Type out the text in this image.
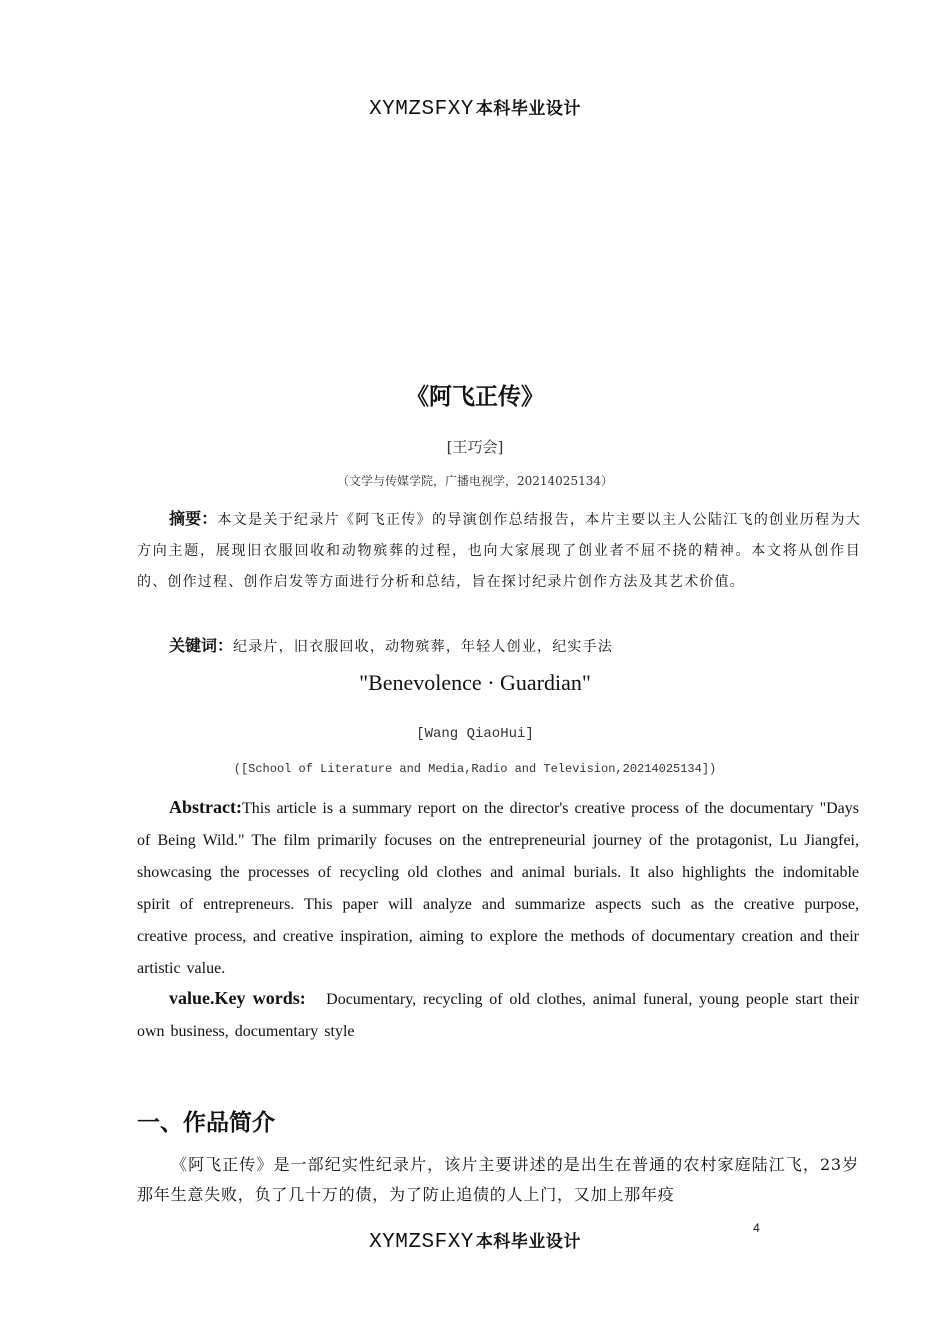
XYMZSFXY 本科毕业设计
《阿飞正传》
[王巧会]
（文学与传媒学院，广播电视学，20214025134）
摘要：本文是关于纪录片《阿飞正传》的导演创作总结报告，本片主要以主人公陆江飞的创业历程为大方向主题，展现旧衣服回收和动物殡葬的过程，也向大家展现了创业者不屈不挠的精神。本文将从创作目的、创作过程、创作启发等方面进行分析和总结，旨在探讨纪录片创作方法及其艺术价值。
关键词：纪录片，旧衣服回收，动物殡葬，年轻人创业，纪实手法
"Benevolence · Guardian"
[Wang QiaoHui]
([School of Literature and Media,Radio and Television,20214025134])
Abstract:This article is a summary report on the director's creative process of the documentary "Days of Being Wild." The film primarily focuses on the entrepreneurial journey of the protagonist, Lu Jiangfei, showcasing the processes of recycling old clothes and animal burials. It also highlights the indomitable spirit of entrepreneurs. This paper will analyze and summarize aspects such as the creative purpose, creative process, and creative inspiration, aiming to explore the methods of documentary creation and their artistic value.
value.Key words: Documentary, recycling of old clothes, animal funeral, young people start their own business, documentary style
一、作品简介
《阿飞正传》是一部纪实性纪录片，该片主要讲述的是出生在普通的农村家庭陆江飞，23岁那年生意失败，负了几十万的债，为了防止追债的人上门，又加上那年疫
4
XYMZSFXY 本科毕业设计
